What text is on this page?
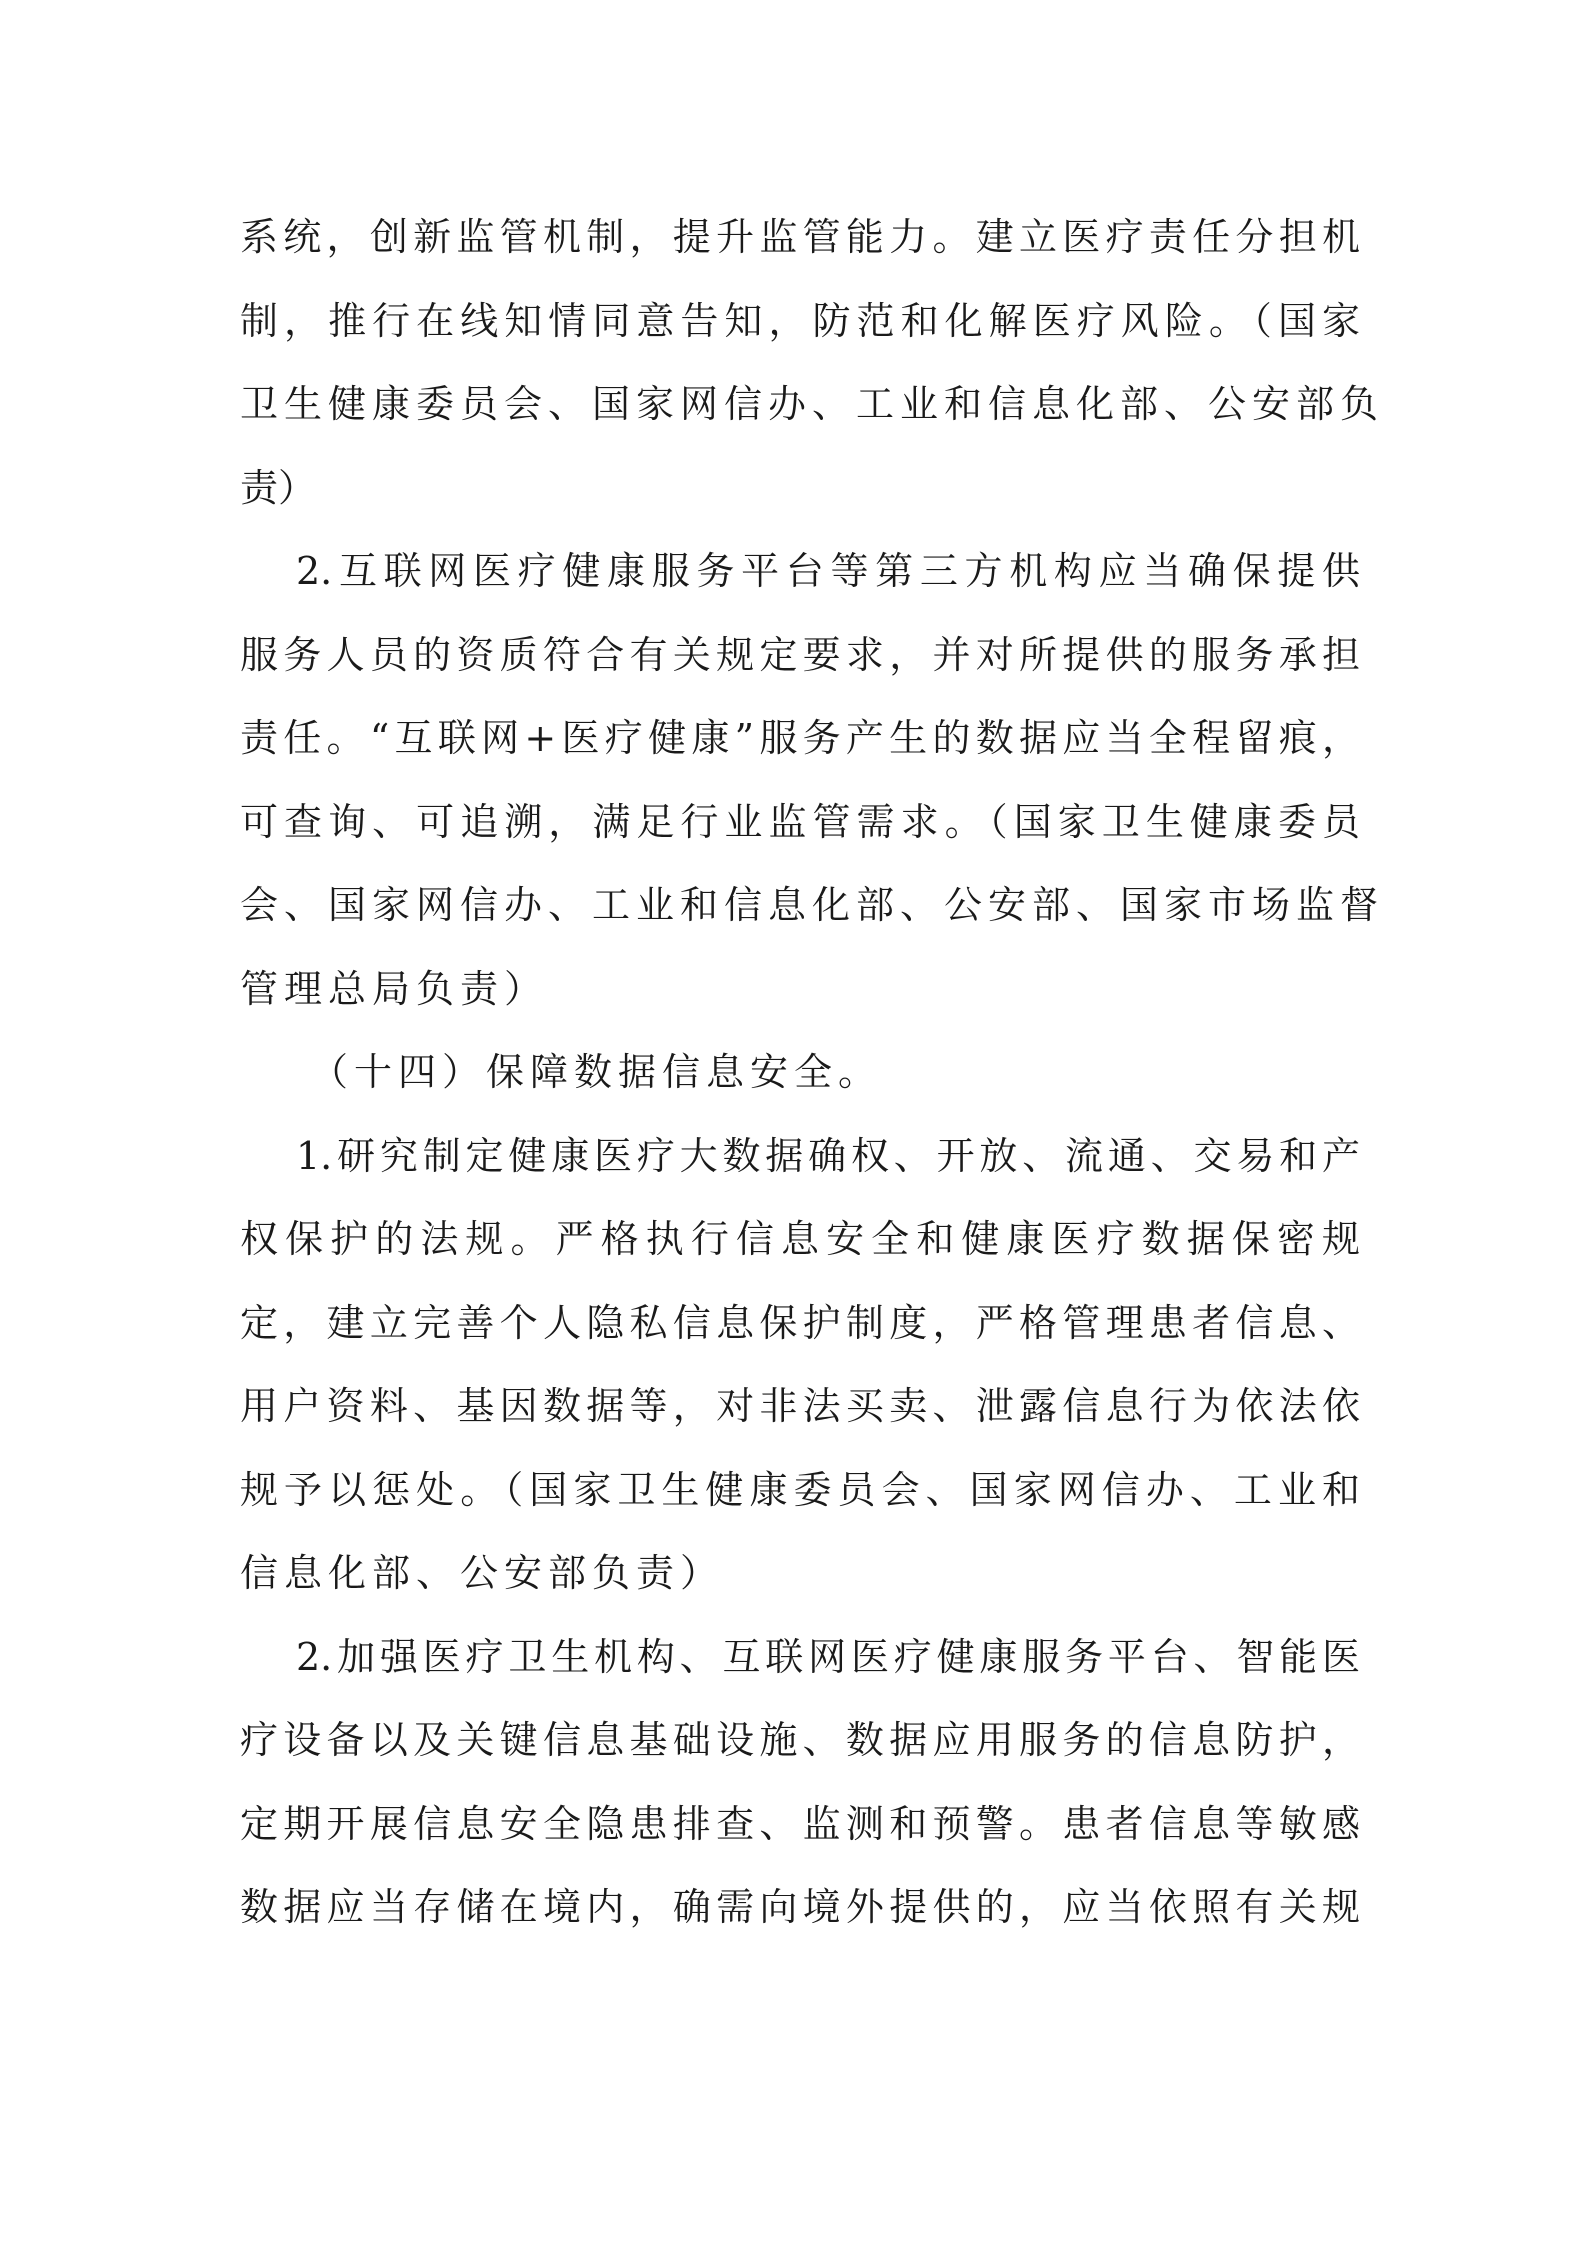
系统，创新监管机制，提升监管能力。建立医疗责任分担机
制，推行在线知情同意告知，防范和化解医疗风险。（国家
卫生健康委员会、国家网信办、工业和信息化部、公安部负
责）
2.互联网医疗健康服务平台等第三方机构应当确保提供
服务人员的资质符合有关规定要求，并对所提供的服务承担
责任。“互联网+医疗健康”服务产生的数据应当全程留痕，
可查询、可追溯，满足行业监管需求。（国家卫生健康委员
会、国家网信办、工业和信息化部、公安部、国家市场监督
管理总局负责）
（十四）保障数据信息安全。
1.研究制定健康医疗大数据确权、开放、流通、交易和产
权保护的法规。严格执行信息安全和健康医疗数据保密规
定，建立完善个人隐私信息保护制度，严格管理患者信息、
用户资料、基因数据等，对非法买卖、泄露信息行为依法依
规予以惩处。（国家卫生健康委员会、国家网信办、工业和
信息化部、公安部负责）
2.加强医疗卫生机构、互联网医疗健康服务平台、智能医
疗设备以及关键信息基础设施、数据应用服务的信息防护，
定期开展信息安全隐患排查、监测和预警。患者信息等敏感
数据应当存储在境内，确需向境外提供的，应当依照有关规
